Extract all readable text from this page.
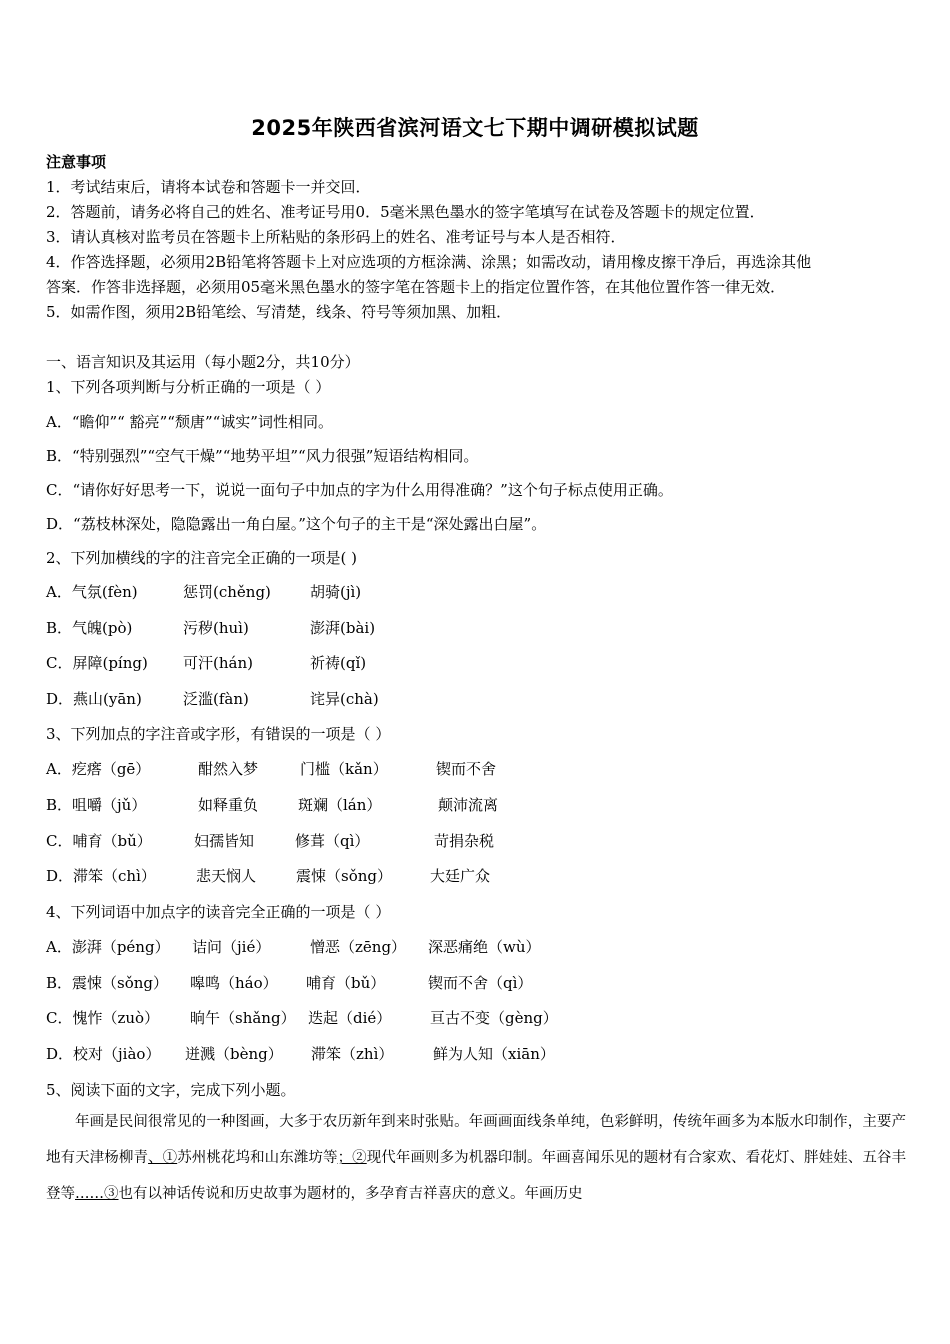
2025年陕西省滨河语文七下期中调研模拟试题
注意事项
1．考试结束后，请将本试卷和答题卡一并交回．
2．答题前，请务必将自己的姓名、准考证号用0．5毫米黑色墨水的签字笔填写在试卷及答题卡的规定位置．
3．请认真核对监考员在答题卡上所粘贴的条形码上的姓名、准考证号与本人是否相符．
4．作答选择题，必须用2B铅笔将答题卡上对应选项的方框涂满、涂黑；如需改动，请用橡皮擦干净后，再选涂其他
答案．作答非选择题，必须用05毫米黑色墨水的签字笔在答题卡上的指定位置作答，在其他位置作答一律无效．
5．如需作图，须用2B铅笔绘、写清楚，线条、符号等须加黑、加粗．
一、语言知识及其运用（每小题2分，共10分）
1、下列各项判断与分析正确的一项是（ ）
A．“瞻仰”“ 豁亮”“颓唐”“诚实”词性相同。
B．“特别强烈”“空气干燥”“地势平坦”“风力很强”短语结构相同。
C．“请你好好思考一下，说说一面句子中加点的字为什么用得准确？”这个句子标点使用正确。
D．“荔枝林深处，隐隐露出一角白屋。”这个句子的主干是“深处露出白屋”。
2、下列加横线的字的注音完全正确的一项是( )
A．气氛(fèn)	惩罚(chěng)	胡骑(jì)
B．气魄(pò)	污秽(huì)	澎湃(bài)
C．屏障(píng) 可汗(hán)	祈祷(qǐ)
D．燕山(yān)	泛滥(fàn)	诧异(chà)
3、下列加点的字注音或字形，有错误的一项是（ ）
A．疙瘩（gē）	酣然入梦	门槛（kǎn）	锲而不舍
B．咀嚼（jǔ）	如释重负	斑斓（lán）	颠沛流离
C．哺育（bǔ）	妇孺皆知	修葺（qì）	苛捐杂税
D．滞笨（chì）	悲天悯人	震悚（sǒng）	大廷广众
4、下列词语中加点字的读音完全正确的一项是（ ）
A．澎湃（péng） 诘问（jié）	憎恶（zēng） 深恶痛绝（wù）
B．震悚（sǒng） 嗥鸣（háo） 哺育（bǔ）	锲而不舍（qì）
C．愧怍（zuò） 晌午（shǎng） 迭起（dié）	亘古不变（gèng）
D．校对（jiào） 迸溅（bèng） 滞笨（zhì）	鲜为人知（xiān）
5、阅读下面的文字，完成下列小题。
年画是民间很常见的一种图画，大多于农历新年到来时张贴。年画画面线条单纯，色彩鲜明，传统年画多为本版水印制作，主要产地有天津杨柳青、①苏州桃花坞和山东潍坊等；②现代年画则多为机器印制。年画喜闻乐见的题材有合家欢、看花灯、胖娃娃、五谷丰登等……③也有以神话传说和历史故事为题材的，多孕育吉祥喜庆的意义。年画历史
